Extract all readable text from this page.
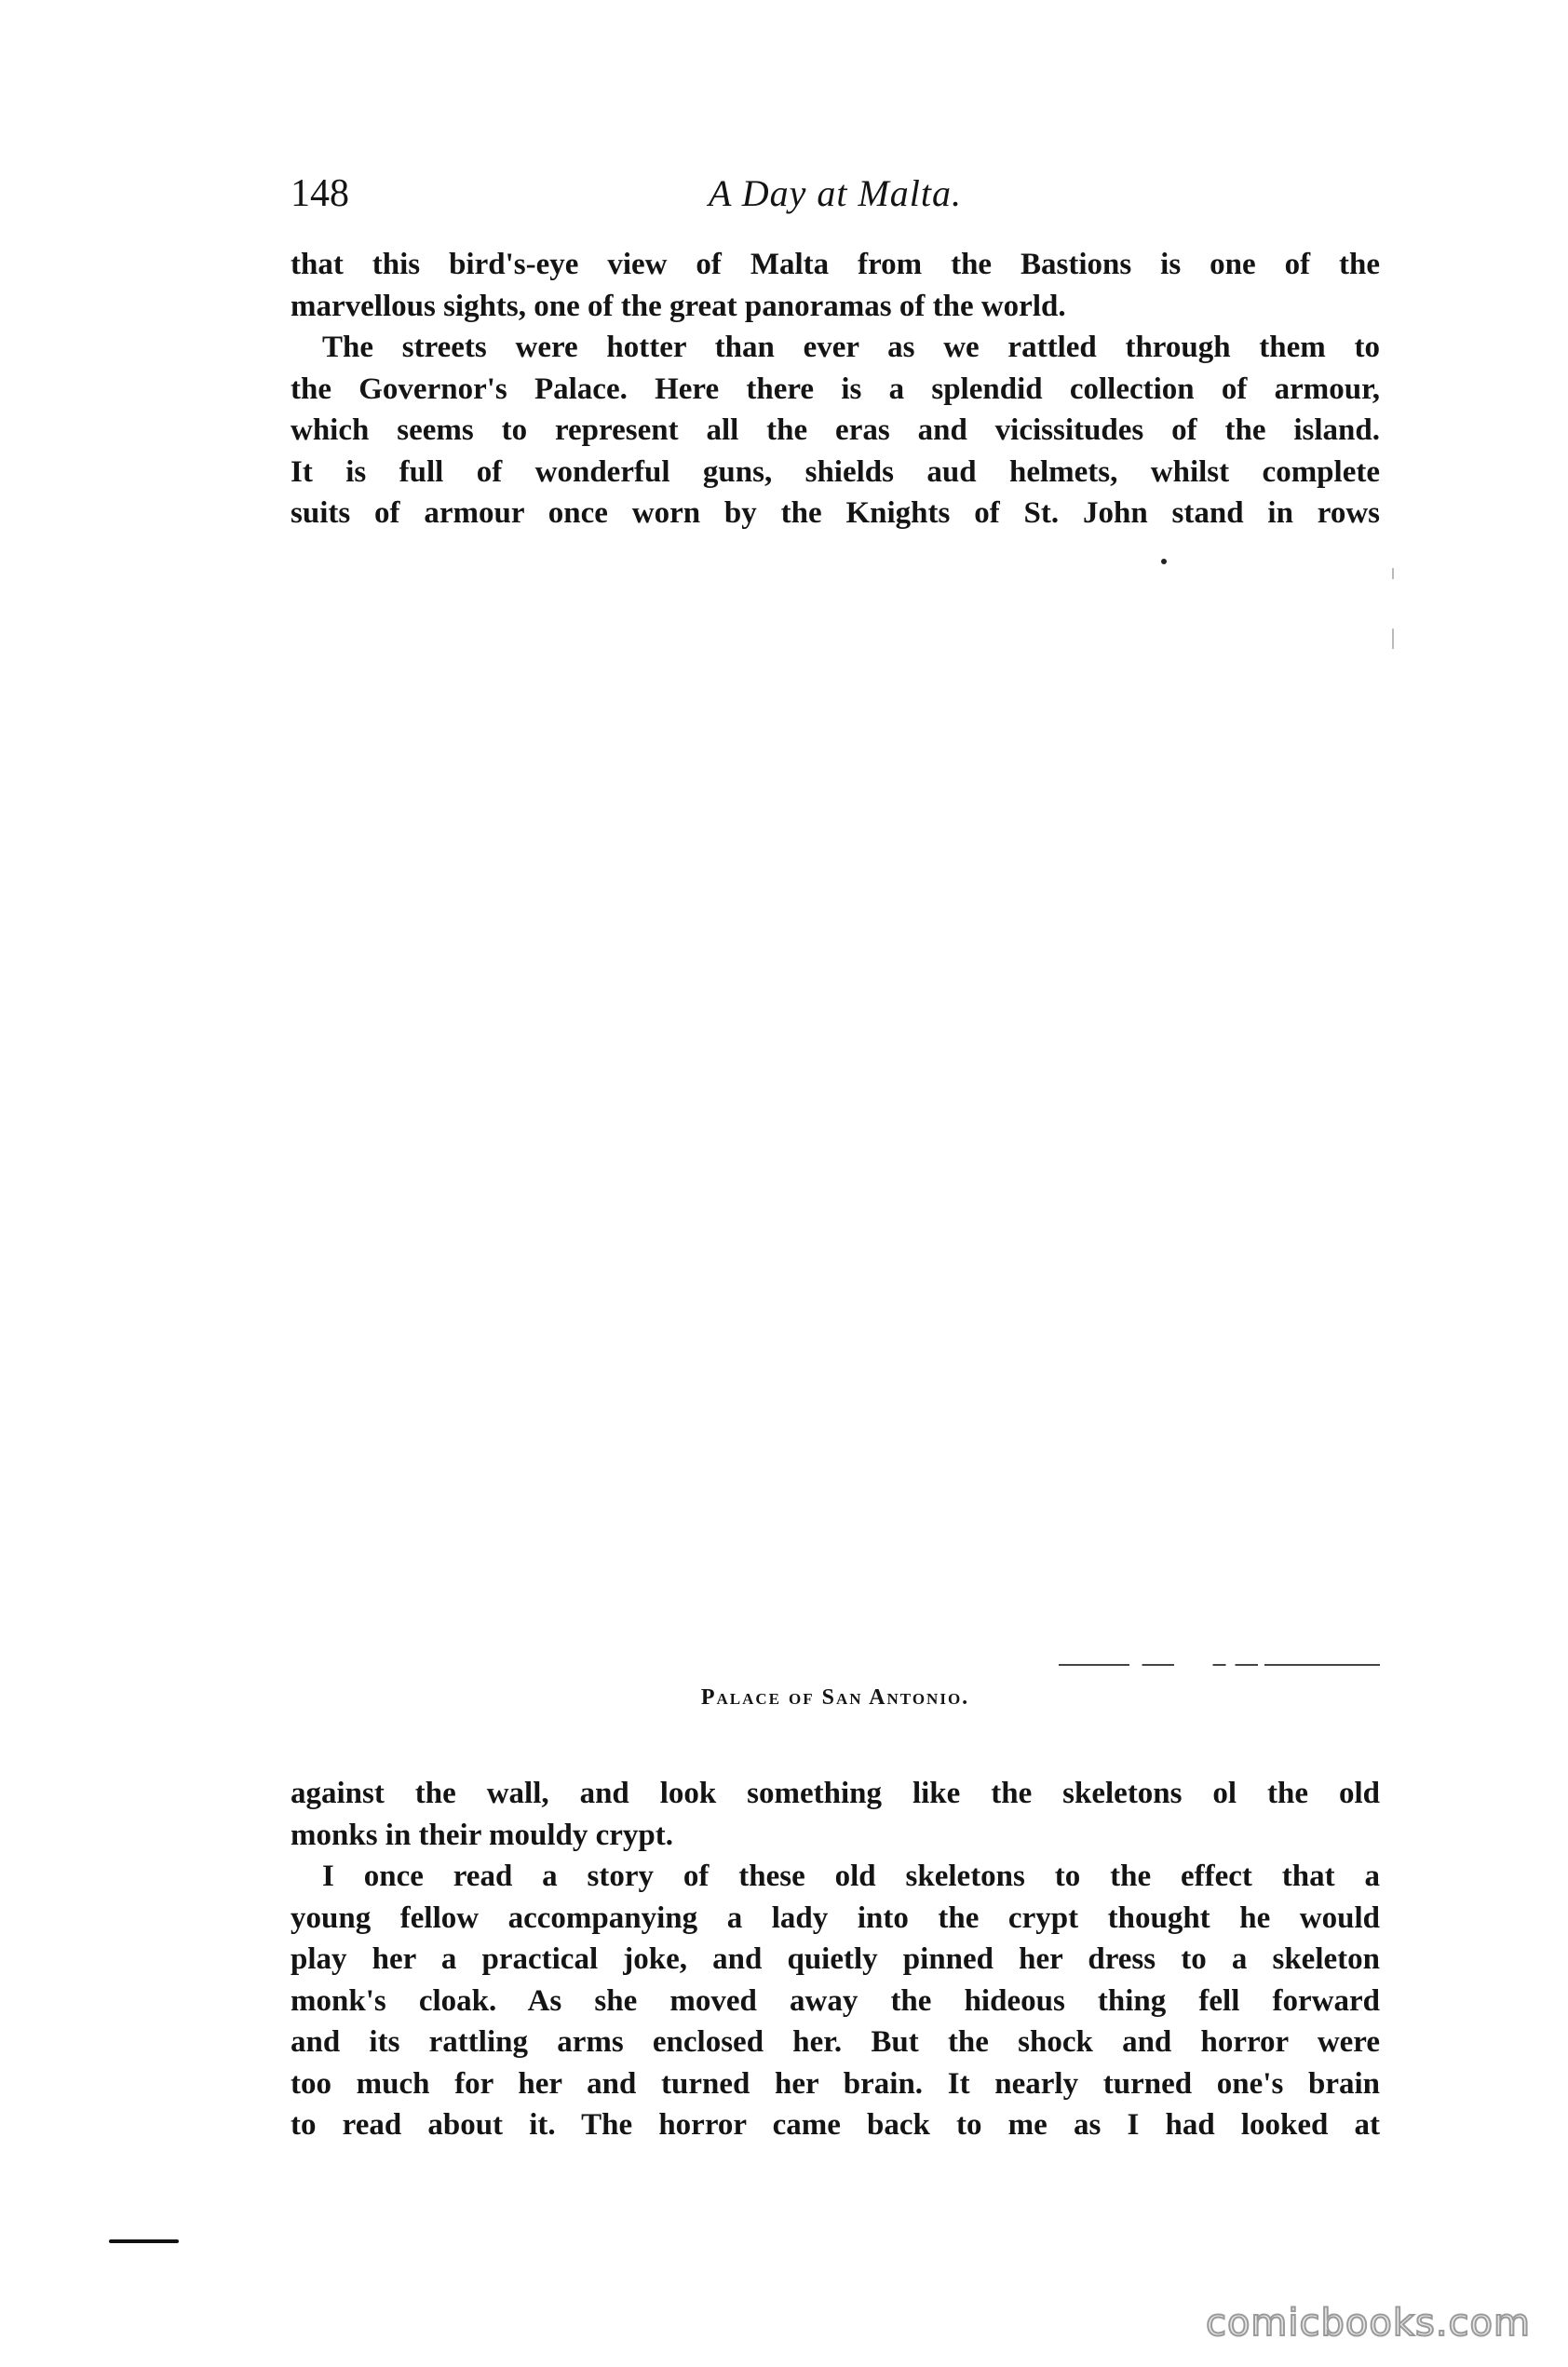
148	A Day at Malta.
that this bird's-eye view of Malta from the Bastions is one of the
marvellous sights, one of the great panoramas of the world.
The streets were hotter than ever as we rattled through them to
the Governor's Palace. Here there is a splendid collection of armour,
which seems to represent all the eras and vicissitudes of the island.
It is full of wonderful guns, shields aud helmets, whilst complete
suits of armour once worn by the Knights of St. John stand in rows
Palace of San Antonio.
against the wall, and look something like the skeletons ol the old
monks in their mouldy crypt.
I once read a story of these old skeletons to the effect that a
young fellow accompanying a lady into the crypt thought he would
play her a practical joke, and quietly pinned her dress to a skeleton
monk's cloak. As she moved away the hideous thing fell forward
and its rattling arms enclosed her. But the shock and horror were
too much for her and turned her brain. It nearly turned one's brain
to read about it. The horror came back to me as I had looked at
comicbooks.com
